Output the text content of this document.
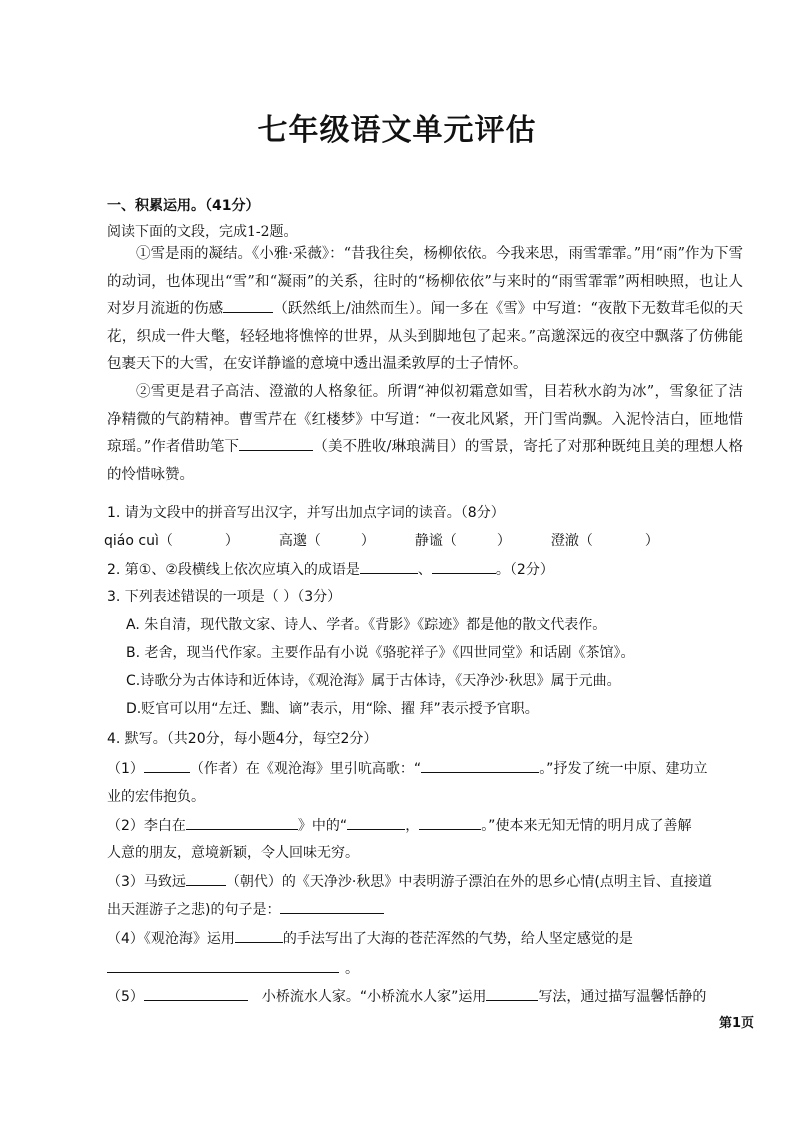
七年级语文单元评估
一、积累运用。（41分）
阅读下面的文段，完成1-2题。
①雪是雨的凝结。《小雅·采薇》：“昔我往矣，杨柳依依。今我来思，雨雪霏霏。”用“雨”作为下雪的动词，也体现出“雪”和“凝雨”的关系，往时的“杨柳依依”与来时的“雨雪霏霏”两相映照，也让人对岁月流逝的伤感	（跃然纸上/油然而生）。闻一多在《雪》中写道：“夜散下无数茸毛似的天花，织成一件大氅，轻轻地将憔悴的世界，从头到脚地包了起来。”高邈深远的夜空中飘落了仿佛能包裹天下的大雪，在安详静谧的意境中透出温柔敦厚的士子情怀。
②雪更是君子高洁、澄澈的人格象征。所谓“神似初霜意如雪，目若秋水韵为冰”，雪象征了洁净精微的气韵精神。曹雪芹在《红楼梦》中写道：“一夜北风紧，开门雪尚飘。入泥怜洁白，匝地惜琼瑶。”作者借助笔下	（美不胜收/琳琅满目）的雪景，寄托了对那种既纯且美的理想人格的怜惜咏赞。
1. 请为文段中的拼音写出汉字，并写出加点字词的读音。（8分）
qiáo cuì（	）	高邈（	）	静谧（	）	澄澈（	）
2. 第①、②段横线上依次应填入的成语是	、	。（2分）
3. 下列表述错误的一项是（ ）（3分）
A. 朱自清，现代散文家、诗人、学者。《背影》《踪迹》都是他的散文代表作。
B. 老舍，现当代作家。主要作品有小说《骆驼祥子》《四世同堂》和话剧《茶馆》。
C.诗歌分为古体诗和近体诗，《观沧海》属于古体诗，《天净沙·秋思》属于元曲。
D.贬官可以用“左迁、黜、谪”表示，用“除、擢 拜”表示授予官职。
4. 默写。（共20分，每小题4分，每空2分）
（1）	（作者）在《观沧海》里引吭高歌：“	。”抒发了统一中原、建功立
业的宏伟抱负。
（2）李白在	》中的“	，	。”使本来无知无情的明月成了善解
人意的朋友，意境新颖，令人回味无穷。
（3）马致远	（朝代）的《天净沙·秋思》中表明游子漂泊在外的思乡心情(点明主旨、直接道
出天涯游子之悲)的句子是：
（4）《观沧海》运用	的手法写出了大海的苍茫浑然的气势，给人坚定感觉的是
。
（5）	小桥流水人家。“小桥流水人家”运用	写法，通过描写温馨恬静的
第1页
